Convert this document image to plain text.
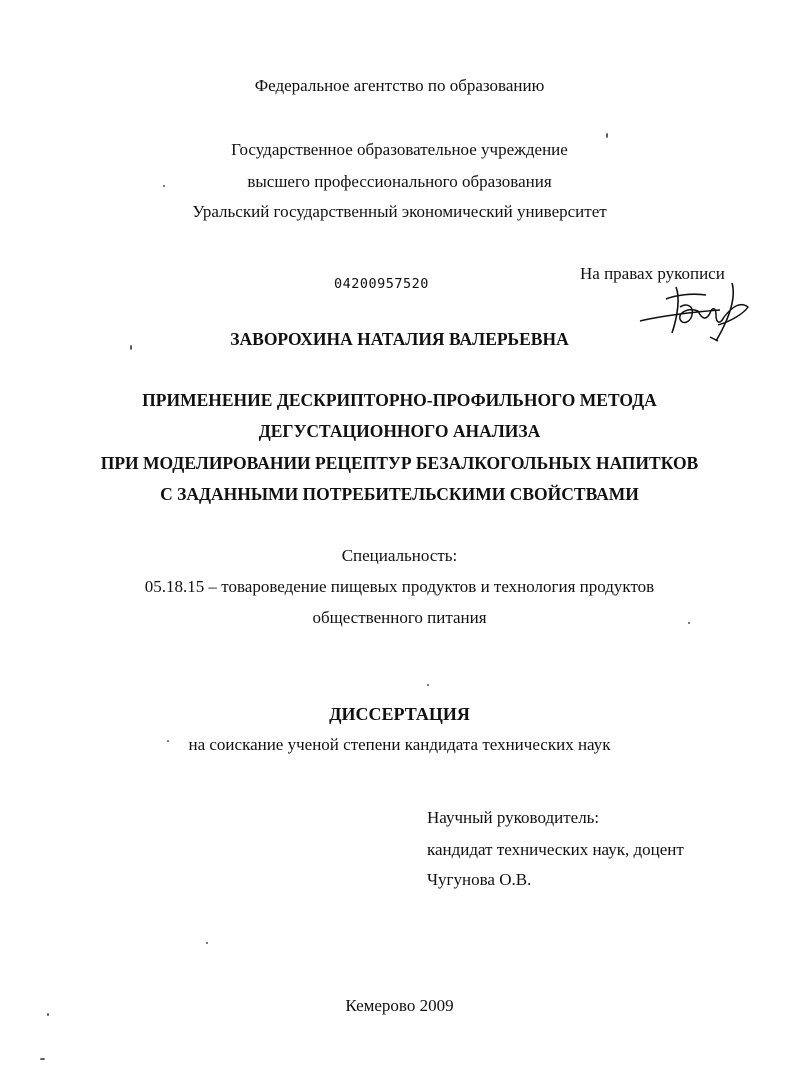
Федеральное агентство по образованию
Государственное образовательное учреждение
высшего профессионального образования
Уральский государственный экономический университет
04200957520
На правах рукописи
ЗАВОРОХИНА НАТАЛИЯ ВАЛЕРЬЕВНА
ПРИМЕНЕНИЕ ДЕСКРИПТОРНО-ПРОФИЛЬНОГО МЕТОДА
ДЕГУСТАЦИОННОГО АНАЛИЗА
ПРИ МОДЕЛИРОВАНИИ РЕЦЕПТУР БЕЗАЛКОГОЛЬНЫХ НАПИТКОВ
С ЗАДАННЫМИ ПОТРЕБИТЕЛЬСКИМИ СВОЙСТВАМИ
Специальность:
05.18.15 – товароведение пищевых продуктов и технология продуктов
общественного питания
ДИССЕРТАЦИЯ
на соискание ученой степени кандидата технических наук
Научный руководитель:
кандидат технических наук, доцент
Чугунова О.В.
Кемерово 2009
